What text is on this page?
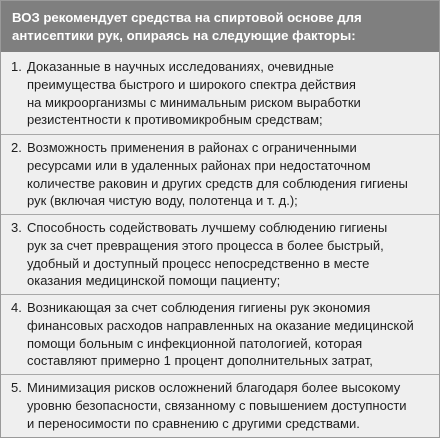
ВОЗ рекомендует средства на спиртовой основе для
антисептики рук, опираясь на следующие факторы:
1. Доказанные в научных исследованиях, очевидные
преимущества быстрого и широкого спектра действия
на микроорганизмы с минимальным риском выработки
резистентности к противомикробным средствам;
2. Возможность применения в районах с ограниченными
ресурсами или в удаленных районах при недостаточном
количестве раковин и других средств для соблюдения гигиены
рук (включая чистую воду, полотенца и т. д.);
3. Способность содействовать лучшему соблюдению гигиены
рук за счет превращения этого процесса в более быстрый,
удобный и доступный процесс непосредственно в месте
оказания медицинской помощи пациенту;
4. Возникающая за счет соблюдения гигиены рук экономия
финансовых расходов направленных на оказание медицинской
помощи больным с инфекционной патологией, которая
составляют примерно 1 процент дополнительных затрат,
5. Минимизация рисков осложнений благодаря более высокому
уровню безопасности, связанному с повышением доступности
и переносимости по сравнению с другими средствами.
